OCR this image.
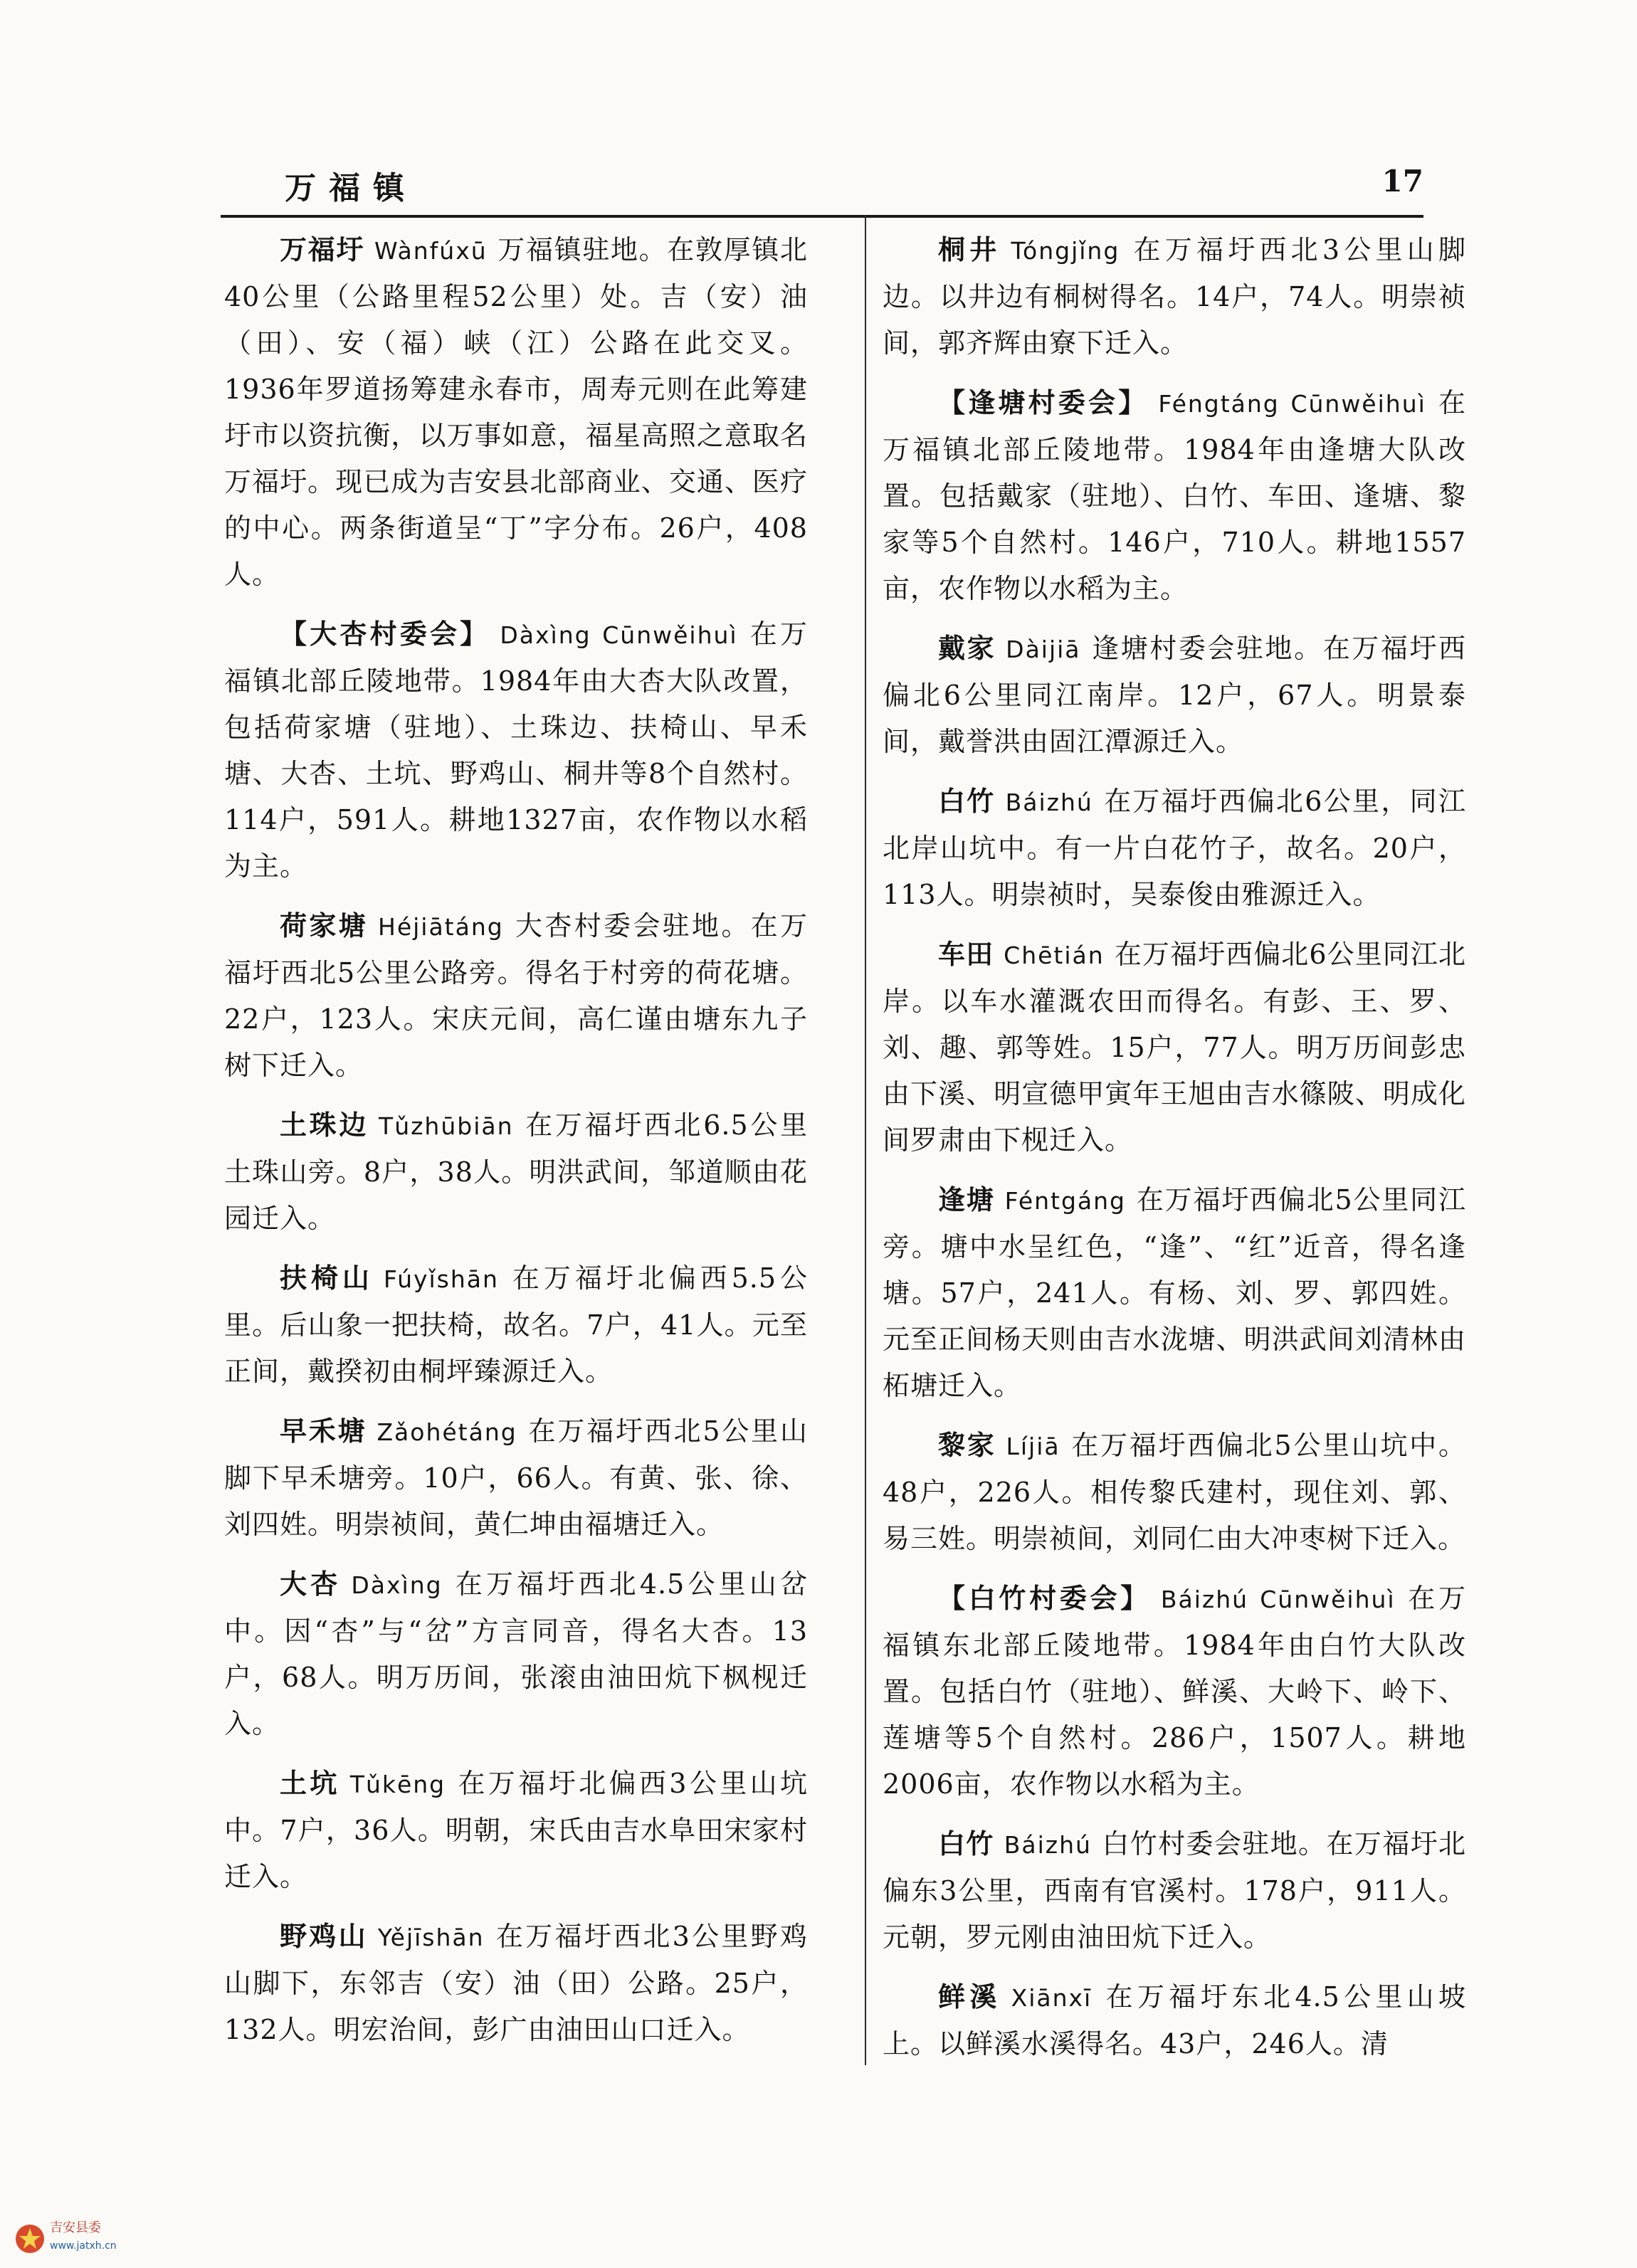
万福镇	17

万福圩 Wànfúxū 万福镇驻地。在敦厚镇北40公里（公路里程52公里）处。吉（安）油（田）、安（福）峡（江）公路在此交叉。1936年罗道扬筹建永春市，周寿元则在此筹建圩市以资抗衡，以万事如意，福星高照之意取名万福圩。现已成为吉安县北部商业、交通、医疗的中心。两条街道呈“丁”字分布。26户，408人。

【大杏村委会】 Dàxìng Cūnwěihuì 在万福镇北部丘陵地带。1984年由大杏大队改置，包括荷家塘（驻地）、土珠边、扶椅山、早禾塘、大杏、土坑、野鸡山、桐井等8个自然村。114户，591人。耕地1327亩，农作物以水稻为主。

荷家塘 Héjiātáng 大杏村委会驻地。在万福圩西北5公里公路旁。得名于村旁的荷花塘。22户，123人。宋庆元间，高仁谨由塘东九子树下迁入。

土珠边 Tǔzhūbiān 在万福圩西北6.5公里土珠山旁。8户，38人。明洪武间，邹道顺由花园迁入。

扶椅山 Fúyǐshān 在万福圩北偏西5.5公里。后山象一把扶椅，故名。7户，41人。元至正间，戴揆初由桐坪臻源迁入。

早禾塘 Zǎohétáng 在万福圩西北5公里山脚下早禾塘旁。10户，66人。有黄、张、徐、刘四姓。明崇祯间，黄仁坤由福塘迁入。

大杏 Dàxìng 在万福圩西北4.5公里山岔中。因“杏”与“岔”方言同音，得名大杏。13户，68人。明万历间，张滚由油田炕下枫枧迁入。

土坑 Tǔkēng 在万福圩北偏西3公里山坑中。7户，36人。明朝，宋氏由吉水阜田宋家村迁入。

野鸡山 Yějīshān 在万福圩西北3公里野鸡山脚下，东邻吉（安）油（田）公路。25户，132人。明宏治间，彭广由油田山口迁入。

桐井 Tóngjǐng 在万福圩西北3公里山脚边。以井边有桐树得名。14户，74人。明崇祯间，郭齐辉由寮下迁入。

【逢塘村委会】 Féngtáng Cūnwěihuì 在万福镇北部丘陵地带。1984年由逢塘大队改置。包括戴家（驻地）、白竹、车田、逢塘、黎家等5个自然村。146户，710人。耕地1557亩，农作物以水稻为主。

戴家 Dàijiā 逢塘村委会驻地。在万福圩西偏北6公里同江南岸。12户，67人。明景泰间，戴誉洪由固江潭源迁入。

白竹 Báizhú 在万福圩西偏北6公里，同江北岸山坑中。有一片白花竹子，故名。20户，113人。明崇祯时，吴泰俊由雅源迁入。

车田 Chētián 在万福圩西偏北6公里同江北岸。以车水灌溉农田而得名。有彭、王、罗、刘、趣、郭等姓。15户，77人。明万历间彭忠由下溪、明宣德甲寅年王旭由吉水篠陂、明成化间罗肃由下枧迁入。

逢塘 Féntgáng 在万福圩西偏北5公里同江旁。塘中水呈红色，“逢”、“红”近音，得名逢塘。57户，241人。有杨、刘、罗、郭四姓。元至正间杨天则由吉水泷塘、明洪武间刘清林由柘塘迁入。

黎家 Líjiā 在万福圩西偏北5公里山坑中。48户，226人。相传黎氏建村，现住刘、郭、易三姓。明崇祯间，刘同仁由大冲枣树下迁入。

【白竹村委会】 Báizhú Cūnwěihuì 在万福镇东北部丘陵地带。1984年由白竹大队改置。包括白竹（驻地）、鲜溪、大岭下、岭下、莲塘等5个自然村。286户，1507人。耕地2006亩，农作物以水稻为主。

白竹 Báizhú 白竹村委会驻地。在万福圩北偏东3公里，西南有官溪村。178户，911人。元朝，罗元刚由油田炕下迁入。

鲜溪 Xiānxī 在万福圩东北4.5公里山坡上。以鲜溪水溪得名。43户，246人。清

吉安县委
www.jatxh.cn
